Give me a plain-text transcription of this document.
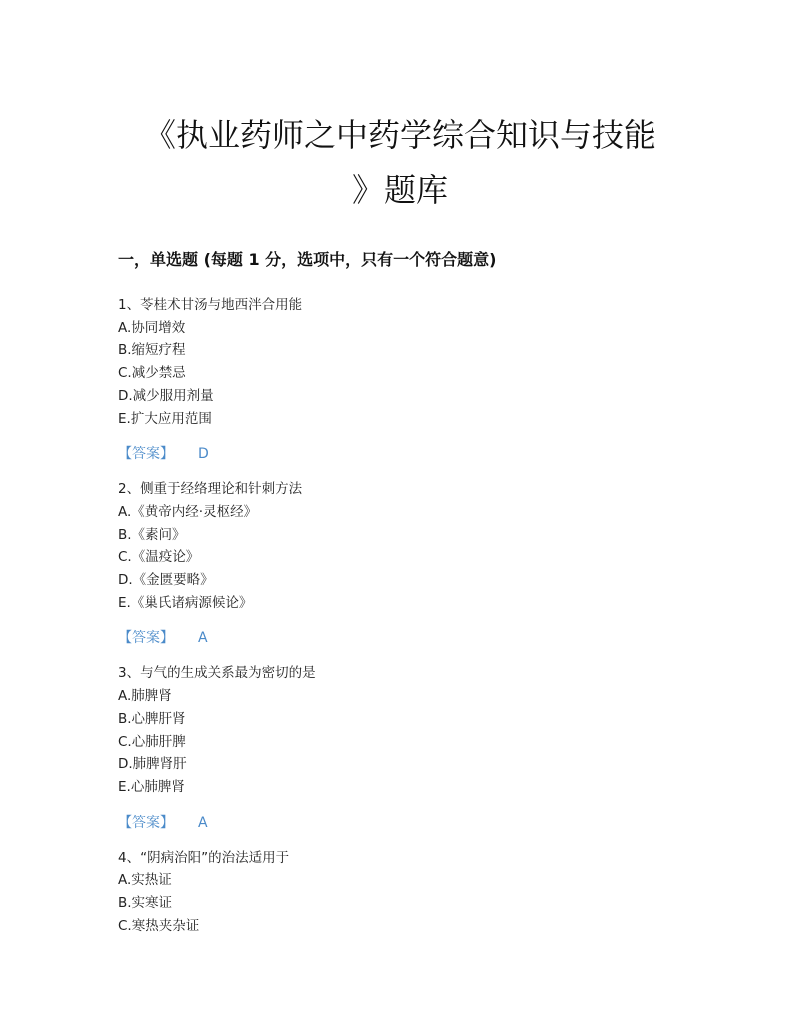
《执业药师之中药学综合知识与技能
》题库
一，单选题 (每题 1 分，选项中，只有一个符合题意)
1、苓桂术甘汤与地西泮合用能
A.协同增效
B.缩短疗程
C.减少禁忌
D.减少服用剂量
E.扩大应用范围
【答案】 D
2、侧重于经络理论和针刺方法
A.《黄帝内经·灵枢经》
B.《素问》
C.《温疫论》
D.《金匮要略》
E.《巢氏诸病源候论》
【答案】 A
3、与气的生成关系最为密切的是
A.肺脾肾
B.心脾肝肾
C.心肺肝脾
D.肺脾肾肝
E.心肺脾肾
【答案】 A
4、“阴病治阳”的治法适用于
A.实热证
B.实寒证
C.寒热夹杂证
